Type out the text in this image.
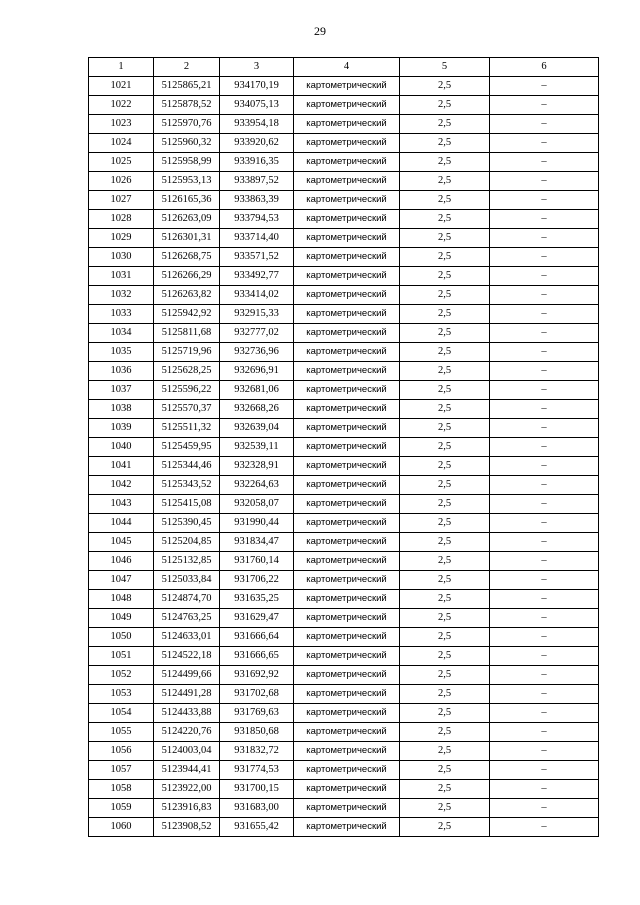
29
1	2	3	4	5	6
1021	5125865,21	934170,19	картометрический	2,5	–
1022	5125878,52	934075,13	картометрический	2,5	–
1023	5125970,76	933954,18	картометрический	2,5	–
1024	5125960,32	933920,62	картометрический	2,5	–
1025	5125958,99	933916,35	картометрический	2,5	–
1026	5125953,13	933897,52	картометрический	2,5	–
1027	5126165,36	933863,39	картометрический	2,5	–
1028	5126263,09	933794,53	картометрический	2,5	–
1029	5126301,31	933714,40	картометрический	2,5	–
1030	5126268,75	933571,52	картометрический	2,5	–
1031	5126266,29	933492,77	картометрический	2,5	–
1032	5126263,82	933414,02	картометрический	2,5	–
1033	5125942,92	932915,33	картометрический	2,5	–
1034	5125811,68	932777,02	картометрический	2,5	–
1035	5125719,96	932736,96	картометрический	2,5	–
1036	5125628,25	932696,91	картометрический	2,5	–
1037	5125596,22	932681,06	картометрический	2,5	–
1038	5125570,37	932668,26	картометрический	2,5	–
1039	5125511,32	932639,04	картометрический	2,5	–
1040	5125459,95	932539,11	картометрический	2,5	–
1041	5125344,46	932328,91	картометрический	2,5	–
1042	5125343,52	932264,63	картометрический	2,5	–
1043	5125415,08	932058,07	картометрический	2,5	–
1044	5125390,45	931990,44	картометрический	2,5	–
1045	5125204,85	931834,47	картометрический	2,5	–
1046	5125132,85	931760,14	картометрический	2,5	–
1047	5125033,84	931706,22	картометрический	2,5	–
1048	5124874,70	931635,25	картометрический	2,5	–
1049	5124763,25	931629,47	картометрический	2,5	–
1050	5124633,01	931666,64	картометрический	2,5	–
1051	5124522,18	931666,65	картометрический	2,5	–
1052	5124499,66	931692,92	картометрический	2,5	–
1053	5124491,28	931702,68	картометрический	2,5	–
1054	5124433,88	931769,63	картометрический	2,5	–
1055	5124220,76	931850,68	картометрический	2,5	–
1056	5124003,04	931832,72	картометрический	2,5	–
1057	5123944,41	931774,53	картометрический	2,5	–
1058	5123922,00	931700,15	картометрический	2,5	–
1059	5123916,83	931683,00	картометрический	2,5	–
1060	5123908,52	931655,42	картометрический	2,5	–
